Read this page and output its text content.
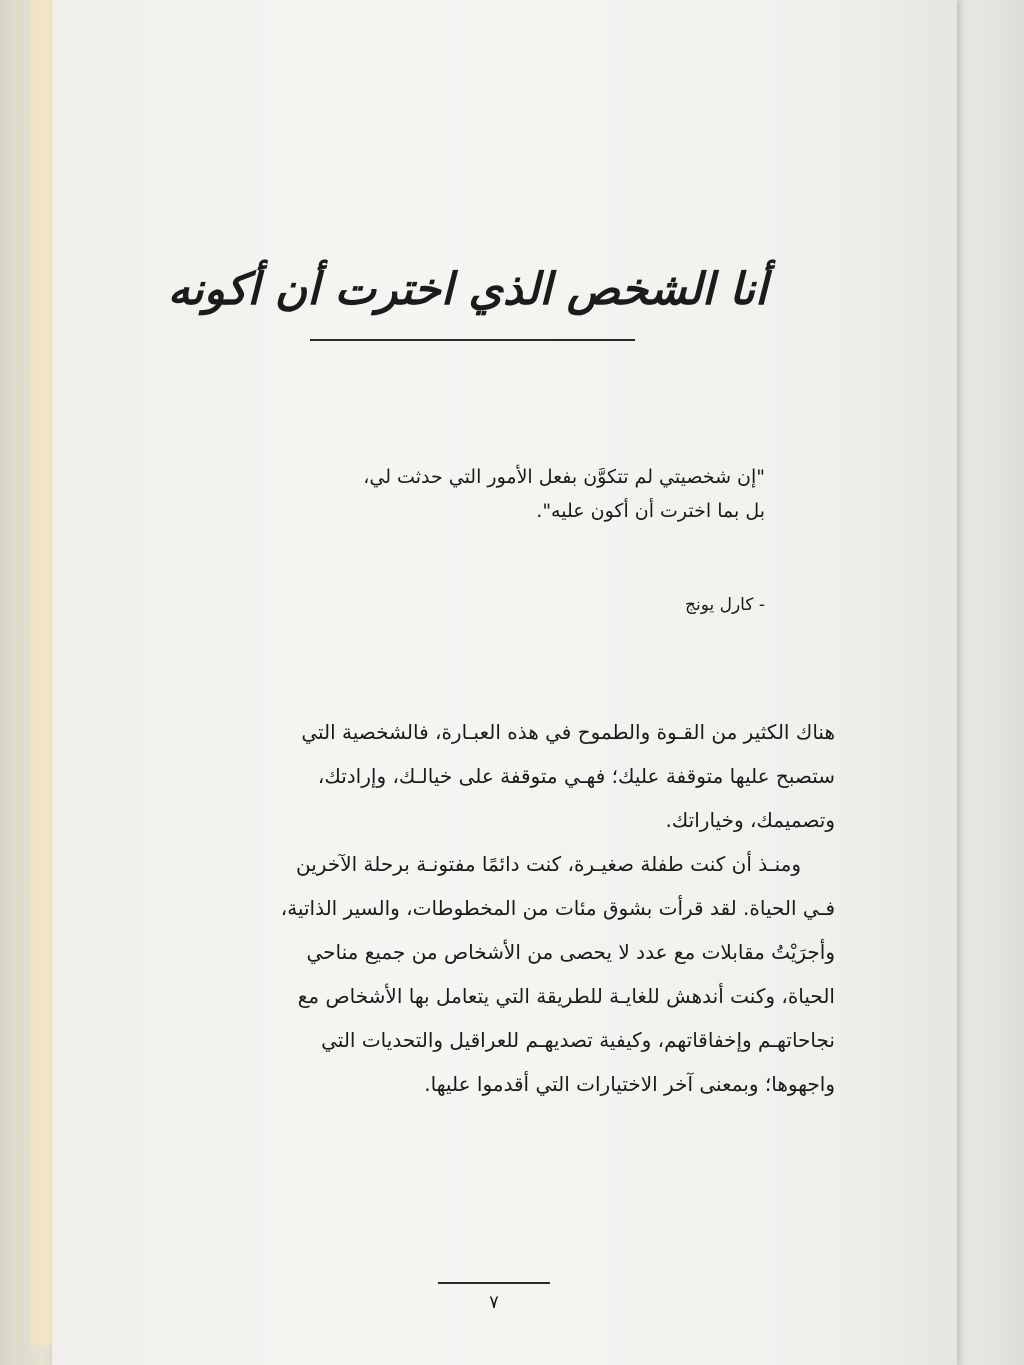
أنا الشخص الذي اخترت أن أكونه
"إن شخصيتي لم تتكوَّن بفعل الأمور التي حدثت لي،
بل بما اخترت أن أكون عليه".
- كارل يونج
هناك الكثير من القـوة والطموح في هذه العبـارة، فالشخصية التي
ستصبح عليها متوقفة عليك؛ فهـي متوقفة على خيالـك، وإرادتك،
وتصميمك، وخياراتك.
ومنـذ أن كنت طفلة صغيـرة، كنت دائمًا مفتونـة برحلة الآخرين
فـي الحياة. لقد قرأت بشوق مئات من المخطوطات، والسير الذاتية،
وأجرَيْتُ مقابلات مع عدد لا يحصى من الأشخاص من جميع مناحي
الحياة، وكنت أندهش للغايـة للطريقة التي يتعامل بها الأشخاص مع
نجاحاتهـم وإخفاقاتهم، وكيفية تصديهـم للعراقيل والتحديات التي
واجهوها؛ وبمعنى آخر الاختيارات التي أقدموا عليها.
٧
